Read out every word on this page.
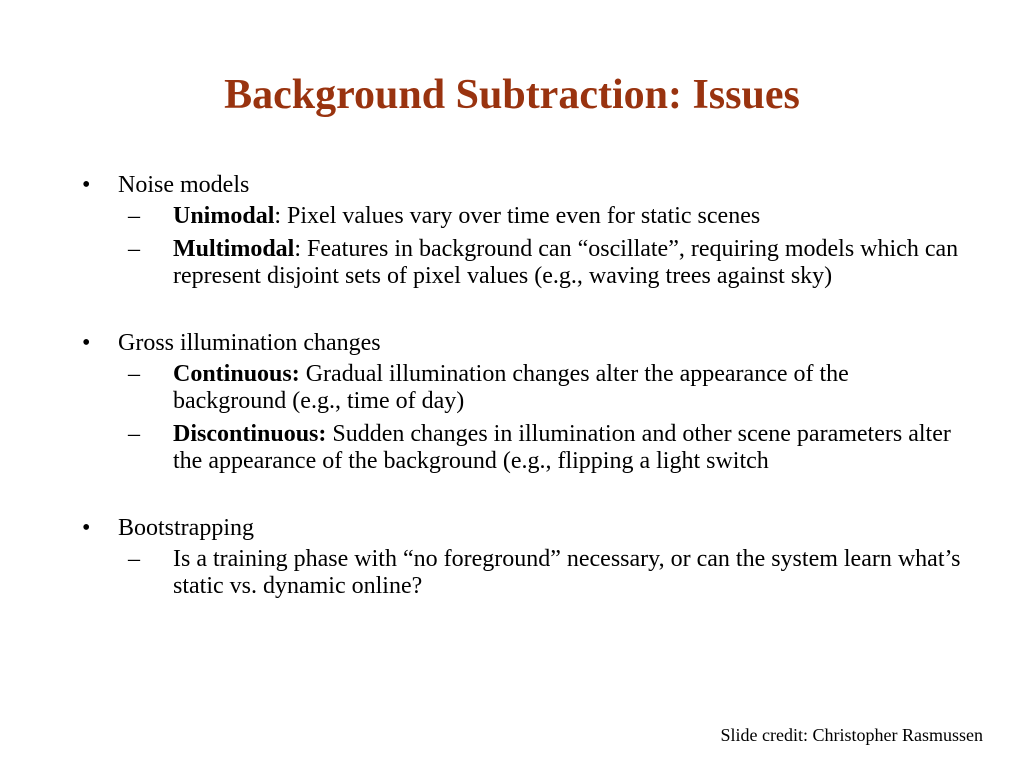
Background Subtraction: Issues
•	Noise models
– Unimodal: Pixel values vary over time even for static scenes
– Multimodal: Features in background can “oscillate”, requiring models which can represent disjoint sets of pixel values (e.g., waving trees against sky)
•	Gross illumination changes
– Continuous: Gradual illumination changes alter the appearance of the background (e.g., time of day)
– Discontinuous: Sudden changes in illumination and other scene parameters alter the appearance of the background (e.g., flipping a light switch
•	Bootstrapping
– Is a training phase with “no foreground” necessary, or can the system learn what’s static vs. dynamic online?
Slide credit: Christopher Rasmussen
